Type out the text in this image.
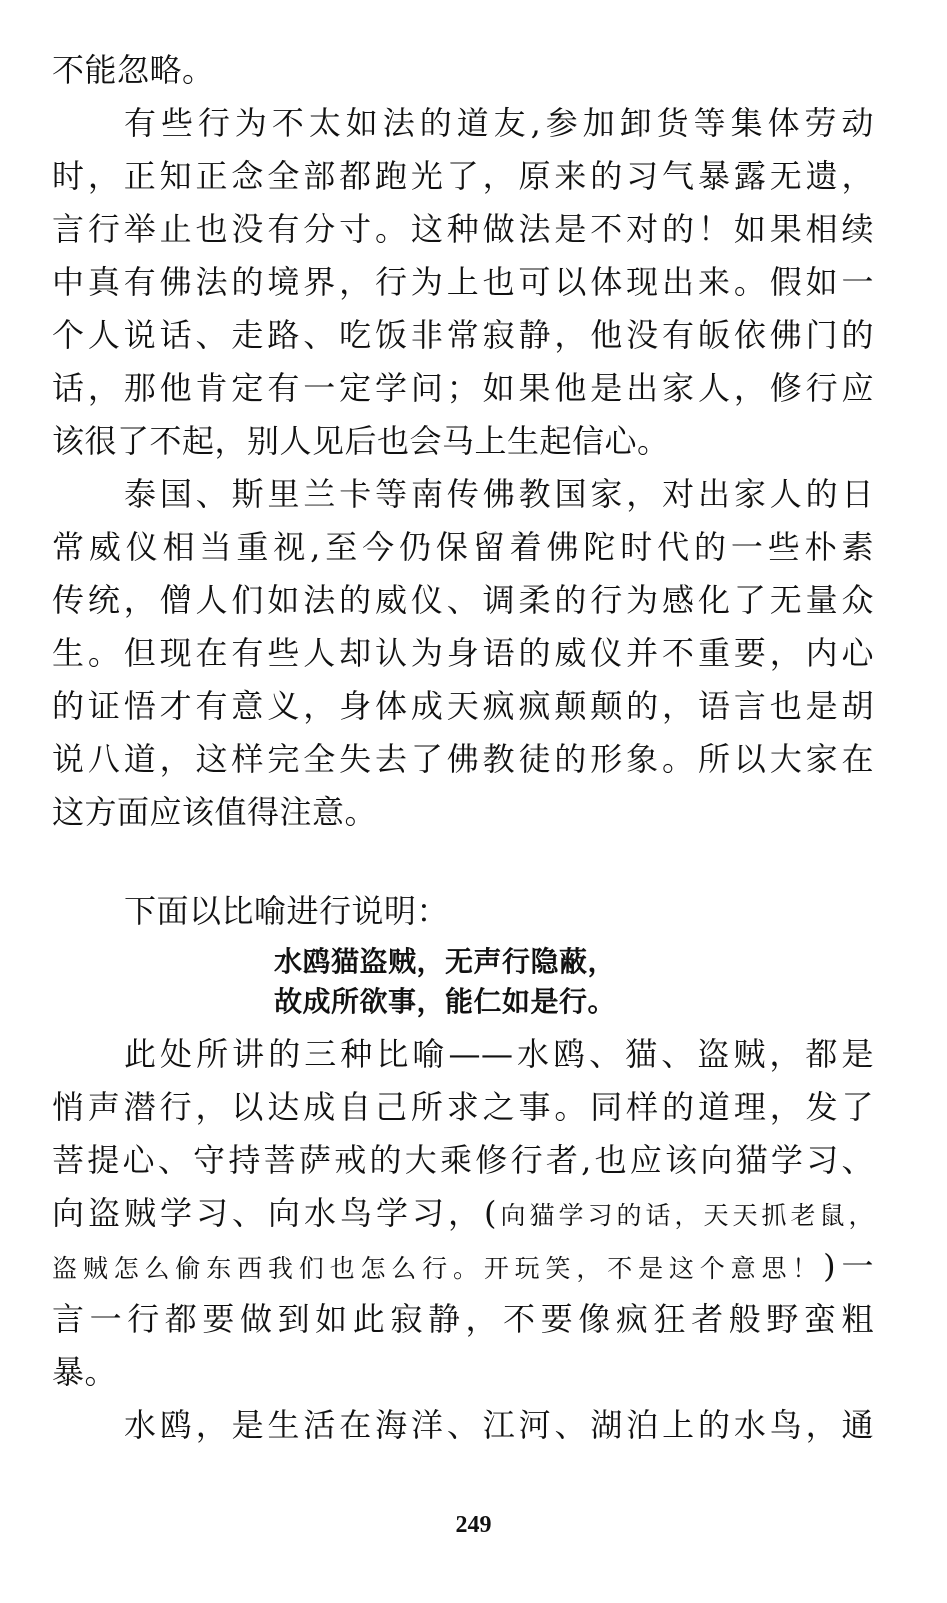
不能忽略。
有些行为不太如法的道友,参加卸货等集体劳动
时，正知正念全部都跑光了，原来的习气暴露无遗，
言行举止也没有分寸。这种做法是不对的！如果相续
中真有佛法的境界，行为上也可以体现出来。假如一
个人说话、走路、吃饭非常寂静，他没有皈依佛门的
话，那他肯定有一定学问；如果他是出家人，修行应
该很了不起，别人见后也会马上生起信心。
泰国、斯里兰卡等南传佛教国家，对出家人的日
常威仪相当重视,至今仍保留着佛陀时代的一些朴素
传统，僧人们如法的威仪、调柔的行为感化了无量众
生。但现在有些人却认为身语的威仪并不重要，内心
的证悟才有意义，身体成天疯疯颠颠的，语言也是胡
说八道，这样完全失去了佛教徒的形象。所以大家在
这方面应该值得注意。
下面以比喻进行说明：
水鸥猫盗贼，无声行隐蔽，
故成所欲事，能仁如是行。
此处所讲的三种比喻——水鸥、猫、盗贼，都是
悄声潜行，以达成自己所求之事。同样的道理，发了
菩提心、守持菩萨戒的大乘修行者,也应该向猫学习、
向盗贼学习、向水鸟学习，(向猫学习的话，天天抓老鼠，
盗贼怎么偷东西我们也怎么行。开玩笑，不是这个意思！)一
言一行都要做到如此寂静，不要像疯狂者般野蛮粗
暴。
水鸥，是生活在海洋、江河、湖泊上的水鸟，通
249
